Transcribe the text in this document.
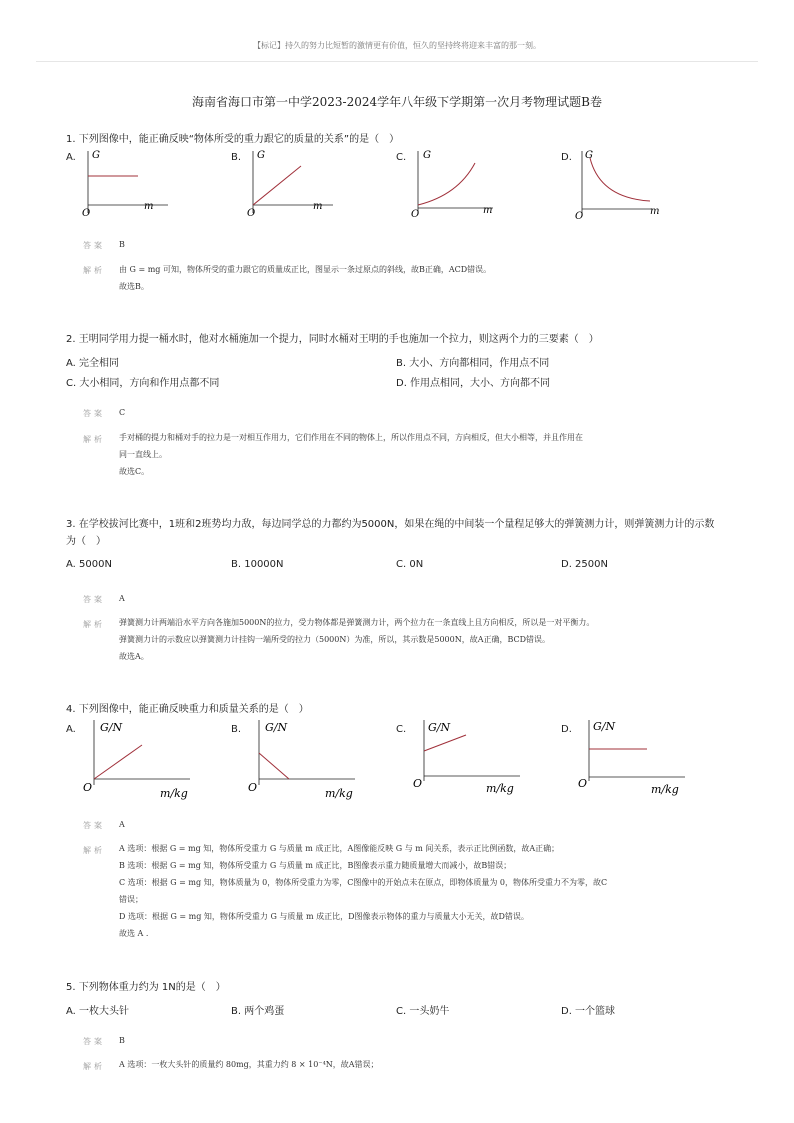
【标记】持久的努力比短暂的激情更有价值，恒久的坚持终将迎来丰富的那一刻。
海南省海口市第一中学2023-2024学年八年级下学期第一次月考物理试题B卷
1. 下列图像中，能正确反映“物体所受的重力跟它的质量的关系”的是（　）
A.	B.	C.	D.
G
m
O
G
m
O
G
m
O
G
m
O
答案 B
解析 由 G = mg 可知，物体所受的重力跟它的质量成正比，图显示一条过原点的斜线，故B正确，ACD错误。

故选B。

2. 王明同学用力提一桶水时，他对水桶施加一个提力，同时水桶对王明的手也施加一个拉力，则这两个力的三要素（　）
A. 完全相同	B. 大小、方向都相同，作用点不同
C. 大小相同，方向和作用点都不同	D. 作用点相同，大小、方向都不同
答案 C
解析 手对桶的提力和桶对手的拉力是一对相互作用力，它们作用在不同的物体上，所以作用点不同，方向相反，但大小相等，并且作用在

同一直线上。

故选C。

3. 在学校拔河比赛中，1班和2班势均力敌，每边同学总的力都约为5000N，如果在绳的中间装一个量程足够大的弹簧测力计，则弹簧测力计的示数
为（　）
A. 5000N	B. 10000N	C. 0N	D. 2500N
答案 A
解析 弹簧测力计两端沿水平方向各施加5000N的拉力，受力物体都是弹簧测力计，两个拉力在一条直线上且方向相反，所以是一对平衡力。

弹簧测力计的示数应以弹簧测力计挂钩一端所受的拉力（5000N）为准，所以，其示数是5000N，故A正确，BCD错误。

故选A。

4. 下列图像中，能正确反映重力和质量关系的是（　）
A.	B.	C.	D.
G/N
m/kg
O
G/N
m/kg
O
G/N
m/kg
O
G/N
m/kg
O
答案 A
解析 A 选项：根据 G = mg 知，物体所受重力 G 与质量 m 成正比，A图像能反映 G 与 m 间关系，表示正比例函数，故A正确；

B 选项：根据 G = mg 知，物体所受重力 G 与质量 m 成正比，B图像表示重力随质量增大而减小，故B错误；

C 选项：根据 G = mg 知，物体质量为 0，物体所受重力为零，C图像中的开始点未在原点，即物体质量为 0，物体所受重力不为零，故C

错误；

D 选项：根据 G = mg 知，物体所受重力 G 与质量 m 成正比，D图像表示物体的重力与质量大小无关，故D错误。

故选 A .

5. 下列物体重力约为 1N的是（　）
A. 一枚大头针	B. 两个鸡蛋	C. 一头奶牛	D. 一个篮球
答案 B
解析 A 选项：一枚大头针的质量约 80mg，其重力约 8 × 10⁻⁴N，故A错误；
